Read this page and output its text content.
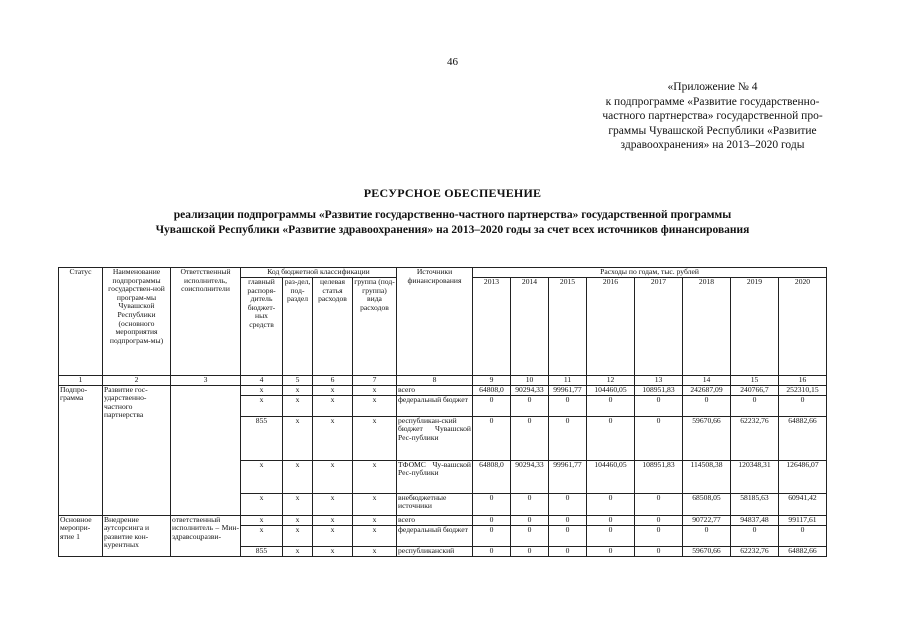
46
«Приложение № 4
к подпрограмме «Развитие государственно-
частного партнерства» государственной про-
граммы Чувашской Республики «Развитие
здравоохранения» на 2013–2020 годы
РЕСУРСНОЕ ОБЕСПЕЧЕНИЕ
реализации подпрограммы «Развитие государственно-частного партнерства» государственной программы
Чувашской Республики «Развитие здравоохранения» на 2013–2020 годы за счет всех источников финансирования
Статус	Наименование подпрограммы государствен-ной програм-мы Чувашской Республики (основного мероприятия подпрограм-мы)	Ответственный исполнитель, соисполнители	Код бюджетной классификации				Источники финансирования	Расходы по годам, тыс. рублей							
			главный распоря-дитель бюджет-ных средств	раз-дел, под-раздел	целевая статья расходов	группа (под-группа) вида расходов		2013	2014	2015	2016	2017	2018	2019	2020
1	2	3	4	5	6	7	8	9	10	11	12	13	14	15	16
Подпро-грамма	Развитие гос-ударственно-частного партнерства		х	х	х	х	всего	64808,0	90294,33	99961,77	104460,05	108951,83	242687,09	240766,7	252310,15
			х	х	х	х	федеральный бюджет	0	0	0	0	0	0	0	0
			855	х	х	х	республикан-ский бюджет Чувашской Рес-публики	0	0	0	0	0	59670,66	62232,76	64882,66
			х	х	х	х	ТФОМС Чу-вашской Рес-публики	64808,0	90294,33	99961,77	104460,05	108951,83	114508,38	120348,31	126486,07
			х	х	х	х	внебюджетные источники	0	0	0	0	0	68508,05	58185,63	60941,42
Основное меропри-ятие 1	Внедрение аутсорсинга и развитие кон-курентных	ответственный исполнитель – Мин-здравсоцразви-	х	х	х	х	всего	0	0	0	0	0	90722,77	94837,48	99117,61
			х	х	х	х	федеральный бюджет	0	0	0	0	0	0	0	0
			855	х	х	х	республиканский	0	0	0	0	0	59670,66	62232,76	64882,66
